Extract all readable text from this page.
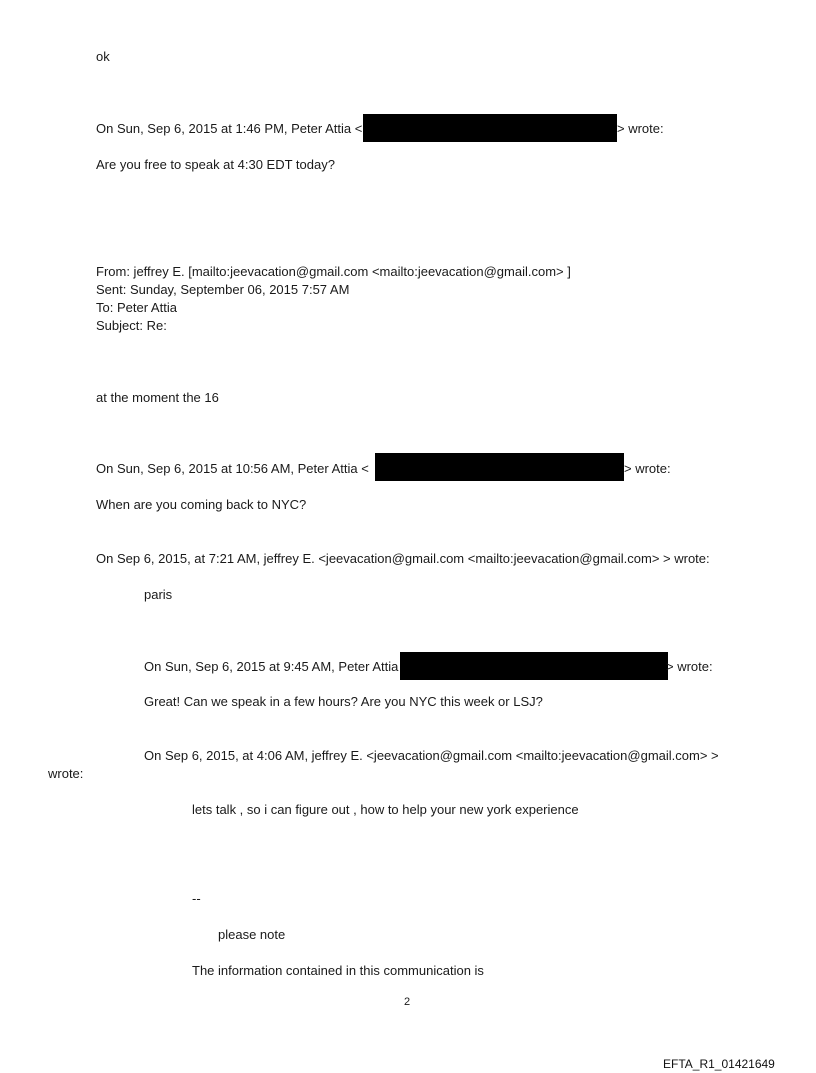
ok
On Sun, Sep 6, 2015 at 1:46 PM, Peter Attia <	> wrote:
Are you free to speak at 4:30 EDT today?
From: jeffrey E. [mailto:jeevacation@gmail.com <mailto:jeevacation@gmail.com> ]
Sent: Sunday, September 06, 2015 7:57 AM
To: Peter Attia
Subject: Re:
at the moment the 16
On Sun, Sep 6, 2015 at 10:56 AM, Peter Attia <	> wrote:
When are you coming back to NYC?
On Sep 6, 2015, at 7:21 AM, jeffrey E. <jeevacation@gmail.com <mailto:jeevacation@gmail.com> > wrote:
paris
On Sun, Sep 6, 2015 at 9:45 AM, Peter Attia	> wrote:
Great! Can we speak in a few hours? Are you NYC this week or LSJ?
On Sep 6, 2015, at 4:06 AM, jeffrey E. <jeevacation@gmail.com <mailto:jeevacation@gmail.com> >
wrote:
lets talk , so i can figure out , how to help your new york experience
--
please note
The information contained in this communication is
2
EFTA_R1_01421649
